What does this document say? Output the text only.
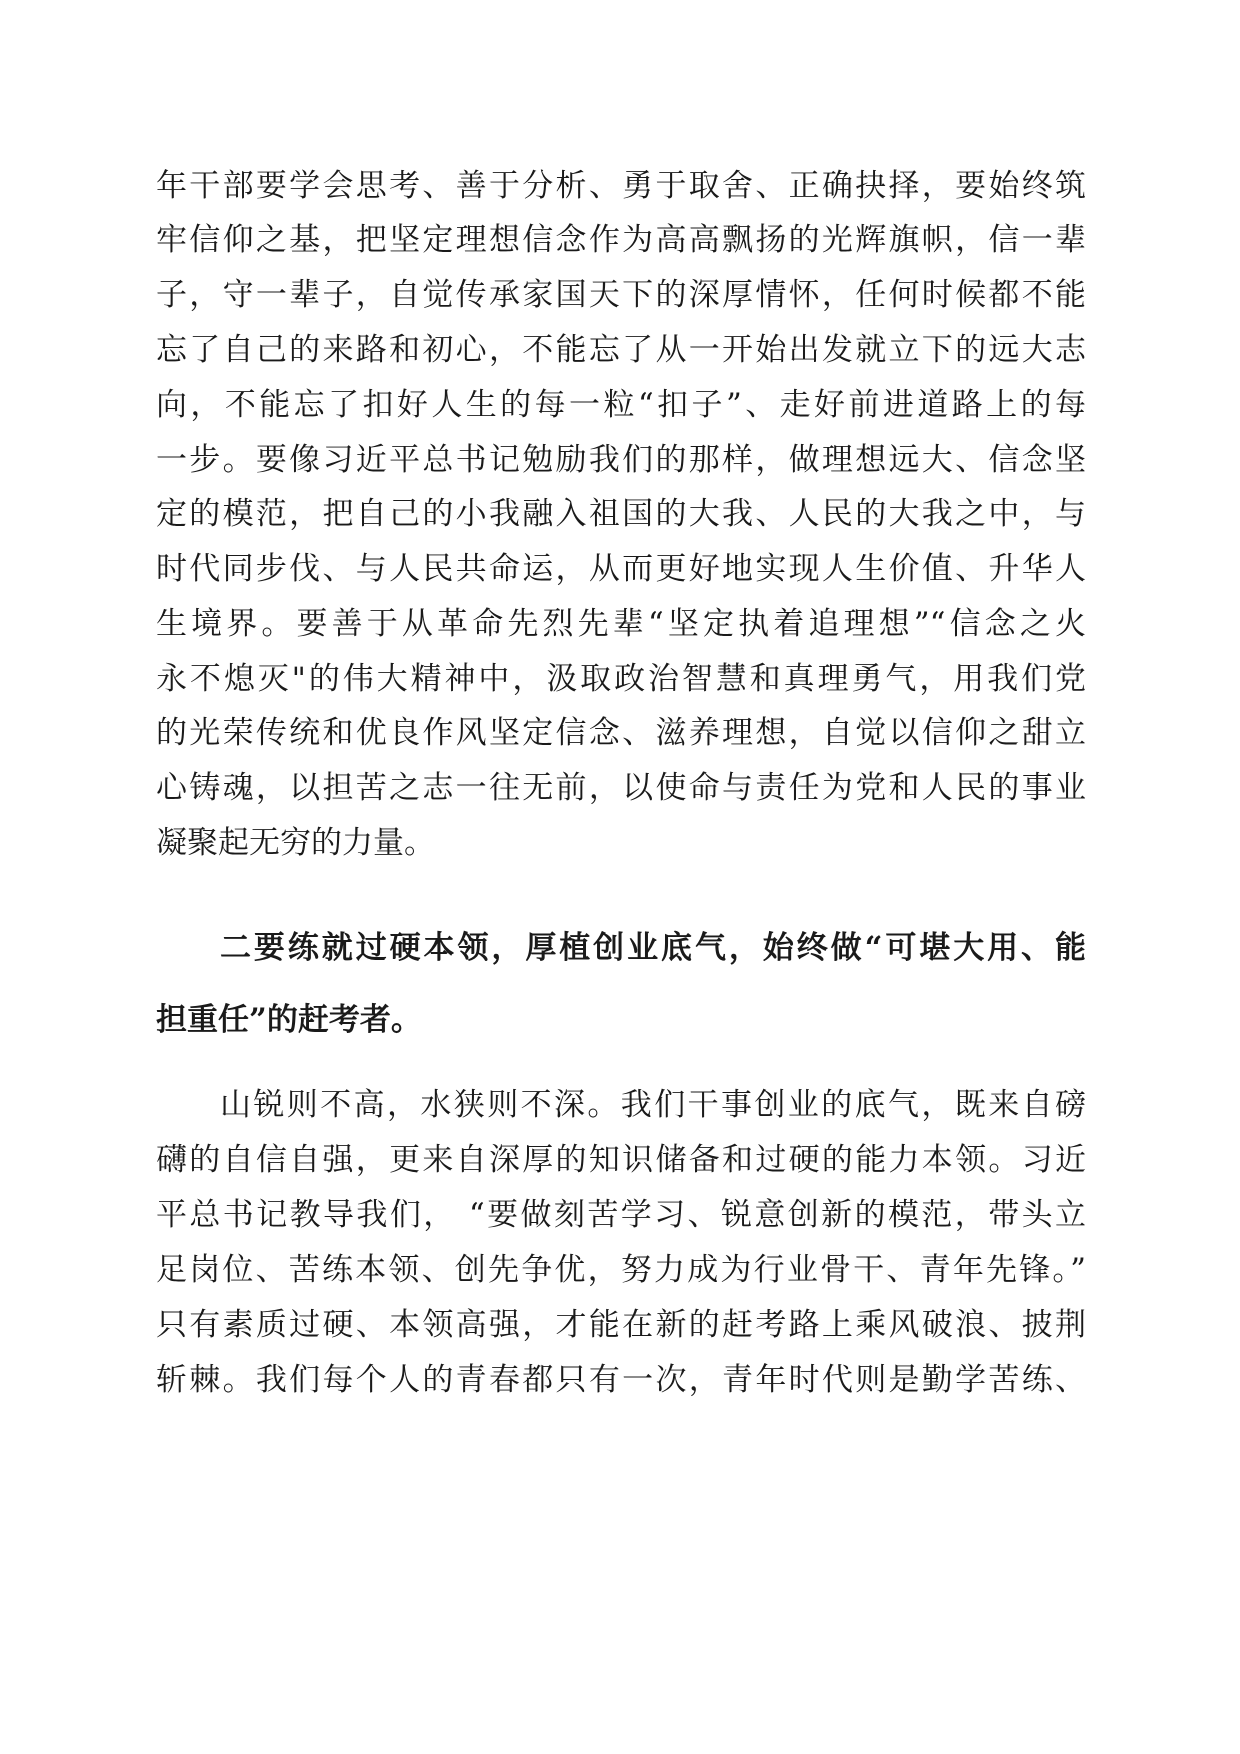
年干部要学会思考、善于分析、勇于取舍、正确抉择，要始终筑
牢信仰之基，把坚定理想信念作为高高飘扬的光辉旗帜，信一辈
子，守一辈子，自觉传承家国天下的深厚情怀，任何时候都不能
忘了自己的来路和初心，不能忘了从一开始出发就立下的远大志
向，不能忘了扣好人生的每一粒“扣子”、走好前进道路上的每
一步。要像习近平总书记勉励我们的那样，做理想远大、信念坚
定的模范，把自己的小我融入祖国的大我、人民的大我之中，与
时代同步伐、与人民共命运，从而更好地实现人生价值、升华人
生境界。要善于从革命先烈先辈“坚定执着追理想”“信念之火
永不熄灭"的伟大精神中，汲取政治智慧和真理勇气，用我们党
的光荣传统和优良作风坚定信念、滋养理想，自觉以信仰之甜立
心铸魂，以担苦之志一往无前，以使命与责任为党和人民的事业
凝聚起无穷的力量。
二要练就过硬本领，厚植创业底气，始终做“可堪大用、能
担重任”的赶考者。
山锐则不高，水狭则不深。我们干事创业的底气，既来自磅
礴的自信自强，更来自深厚的知识储备和过硬的能力本领。习近
平总书记教导我们， “要做刻苦学习、锐意创新的模范，带头立
足岗位、苦练本领、创先争优，努力成为行业骨干、青年先锋。”
只有素质过硬、本领高强，才能在新的赶考路上乘风破浪、披荆
斩棘。我们每个人的青春都只有一次，青年时代则是勤学苦练、
